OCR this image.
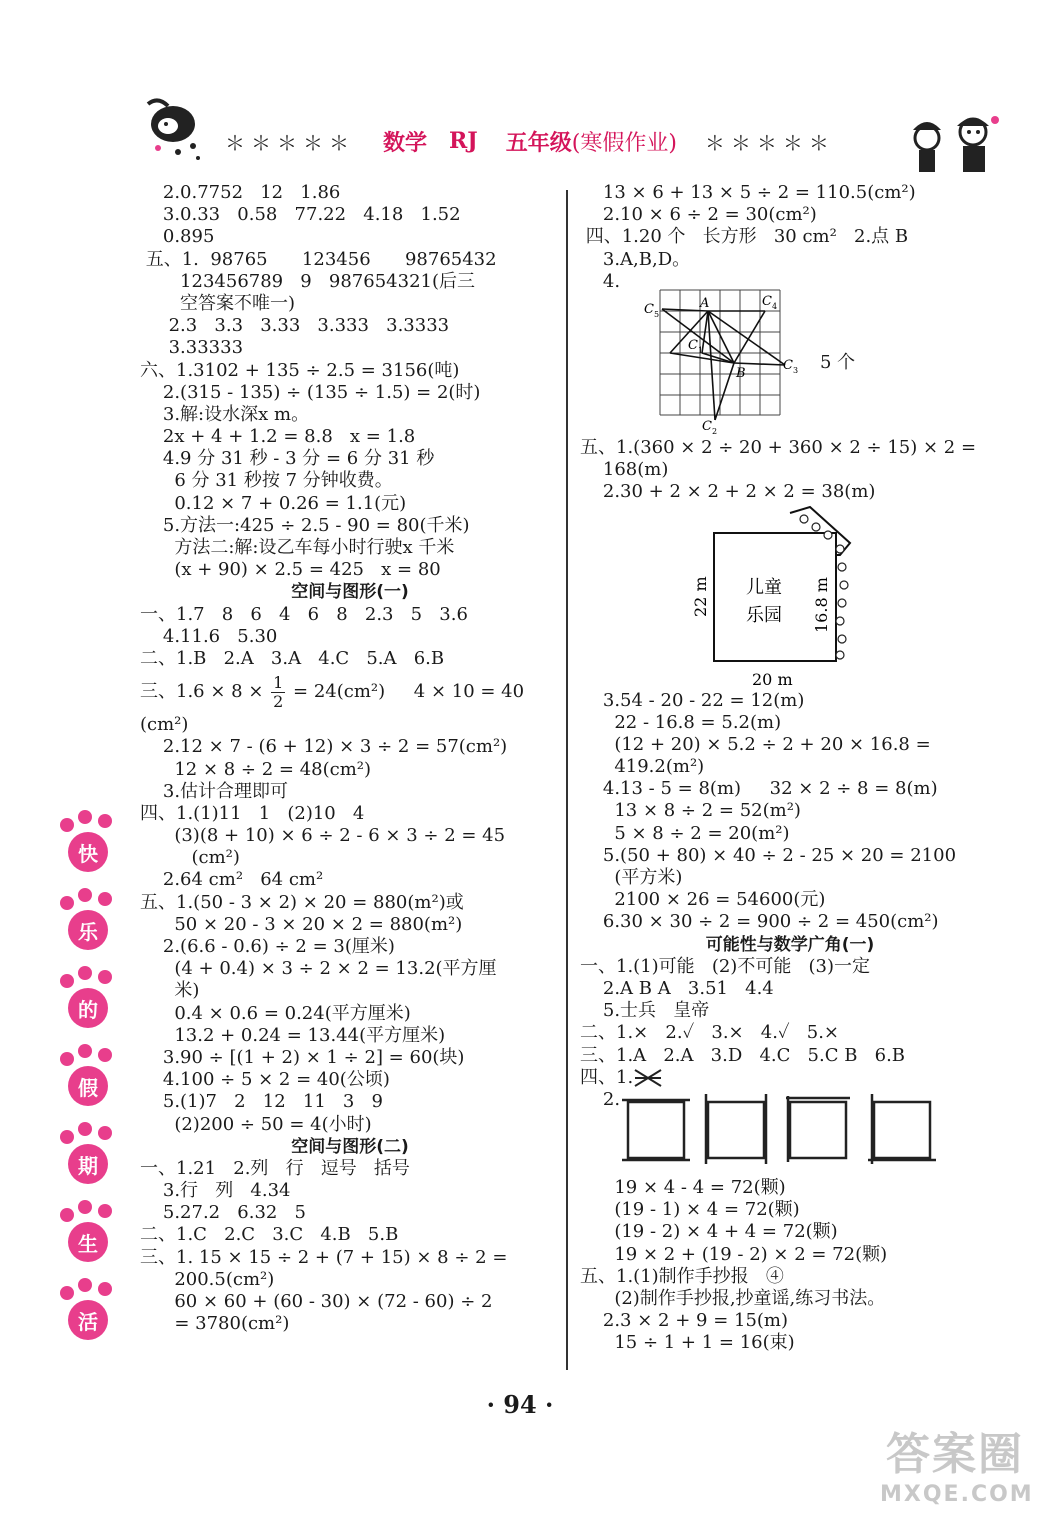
＊＊＊＊＊ 数学 RJ 五年级 (寒假作业) ＊＊＊＊＊
2.0.7752   12   1.86
3.0.33   0.58   77.22   4.18   1.52
0.895
五、1.  98765      123456      98765432
123456789   9   987654321(后三
空答案不唯一)
2.3   3.3   3.33   3.333   3.3333
3.33333
六、1.3102 + 135 ÷ 2.5 = 3156(吨)
2.(315 - 135) ÷ (135 ÷ 1.5) = 2(时)
3.解:设水深x m。
2x + 4 + 1.2 = 8.8   x = 1.8
4.9 分 31 秒 - 3 分 = 6 分 31 秒
6 分 31 秒按 7 分钟收费。
0.12 × 7 + 0.26 = 1.1(元)
5.方法一:425 ÷ 2.5 - 90 = 80(千米)
方法二:解:设乙车每小时行驶x 千米
(x + 90) × 2.5 = 425   x = 80
空间与图形(一)
一、1.7   8   6   4   6   8   2.3   5   3.6
4.11.6   5.30
二、1.B   2.A   3.A   4.C   5.A   6.B
三、$1.6 \times 8 \times \frac{1}{2} = 24(cm^2)$     4 × 10 = 40
(cm²)
2.12 × 7 - (6 + 12) × 3 ÷ 2 = 57(cm²)
12 × 8 ÷ 2 = 48(cm²)
3.估计合理即可
四、1.(1)11   1   (2)10   4
(3)(8 + 10) × 6 ÷ 2 - 6 × 3 ÷ 2 = 45
(cm²)
2.64 cm²   64 cm²
五、1.(50 - 3 × 2) × 20 = 880(m²)或
50 × 20 - 3 × 20 × 2 = 880(m²)
2.(6.6 - 0.6) ÷ 2 = 3(厘米)
(4 + 0.4) × 3 ÷ 2 × 2 = 13.2(平方厘
米)
0.4 × 0.6 = 0.24(平方厘米)
13.2 + 0.24 = 13.44(平方厘米)
3.90 ÷ [(1 + 2) × 1 ÷ 2] = 60(块)
4.100 ÷ 5 × 2 = 40(公顷)
5.(1)7   2   12   11   3   9
(2)200 ÷ 50 = 4(小时)
空间与图形(二)
一、1.21   2.列   行   逗号   括号
3.行   列   4.34
5.27.2   6.32   5
二、1.C   2.C   3.C   4.B   5.B
三、1. 15 × 15 ÷ 2 + (7 + 15) × 8 ÷ 2 =
200.5(cm²)
60 × 60 + (60 - 30) × (72 - 60) ÷ 2
= 3780(cm²)
13 × 6 + 13 × 5 ÷ 2 = 110.5(cm²)
2.10 × 6 ÷ 2 = 30(cm²)
四、1.20 个   长方形   30 cm²   2.点 B
3.A,B,D。
4.
五、1.(360 × 2 ÷ 20 + 360 × 2 ÷ 15) × 2 =
168(m)
2.30 + 2 × 2 + 2 × 2 = 38(m)
3.54 - 20 - 22 = 12(m)
22 - 16.8 = 5.2(m)
(12 + 20) × 5.2 ÷ 2 + 20 × 16.8 =
419.2(m²)
4.13 - 5 = 8(m)     32 × 2 ÷ 8 = 8(m)
13 × 8 ÷ 2 = 52(m²)
5 × 8 ÷ 2 = 20(m²)
5.(50 + 80) × 40 ÷ 2 - 25 × 20 = 2100
(平方米)
2100 × 26 = 54600(元)
6.30 × 30 ÷ 2 = 900 ÷ 2 = 450(cm²)
可能性与数学广角(一)
一、1.(1)可能   (2)不可能   (3)一定
2.A B A   3.51   4.4
5.士兵   皇帝
二、1.×   2.✓   3.×   4.✓   5.×
三、1.A   2.A   3.D   4.C   5.C B   6.B
四、1.
2.
19 × 4 - 4 = 72(颗)
(19 - 1) × 4 = 72(颗)
(19 - 2) × 4 + 4 = 72(颗)
19 × 2 + (19 - 2) × 2 = 72(颗)
五、1.(1)制作手抄报   ④
(2)制作手抄报,抄童谣,练习书法。
2.3 × 2 + 9 = 15(m)
15 ÷ 1 + 1 = 16(束)
A
B
C 1
C 2
C 3
C 4
C 5
5 个
儿童
乐园
22 m	16.8 m
20 m
快
乐
的
假
期
生
活
· 94 ·
答案圈
MXQE.COM
